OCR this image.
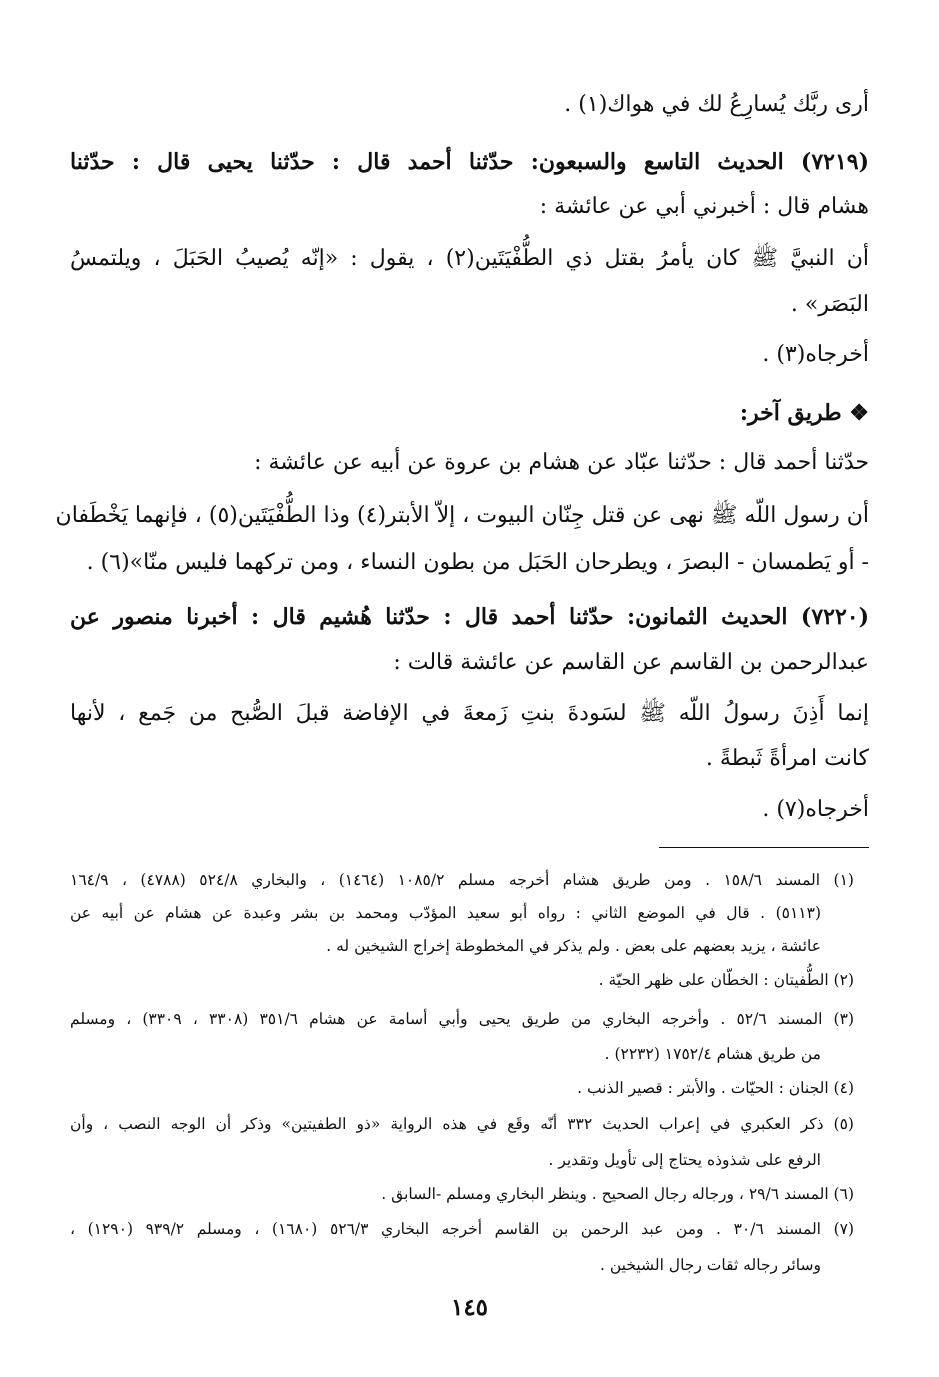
أرى ربَّك يُسارِعُ لك في هواك(١) .
(٧٢١٩) الحديث التاسع والسبعون: حدّثنا أحمد قال : حدّثنا يحيى قال : حدّثنا
هشام قال : أخبرني أبي عن عائشة :
أن النبيَّ ﷺ كان يأمرُ بقتل ذي الطُّفْيَتَين(٢) ، يقول : «إنّه يُصيبُ الحَبَلَ ، ويلتمسُ
البَصَر» .
أخرجاه(٣) .
❖ طريق آخر:
حدّثنا أحمد قال : حدّثنا عبّاد عن هشام بن عروة عن أبيه عن عائشة :
أن رسول اللّه ﷺ نهى عن قتل جِنّان البيوت ، إلاّ الأبتر(٤) وذا الطُّفْيَتَين(٥) ، فإنهما يَخْطَفان
- أو يَطمسان - البصرَ ، ويطرحان الحَبَل من بطون النساء ، ومن تركهما فليس منّا»(٦) .
(٧٢٢٠) الحديث الثمانون: حدّثنا أحمد قال : حدّثنا هُشيم قال : أخبرنا منصور عن
عبدالرحمن بن القاسم عن القاسم عن عائشة قالت :
إنما أَذِنَ رسولُ اللّه ﷺ لسَودةَ بنتِ زَمعةَ في الإفاضة قبلَ الصُّبح من جَمع ، لأنها
كانت امرأةً ثَبطةً .
أخرجاه(٧) .
(١) المسند ١٥٨/٦ . ومن طريق هشام أخرجه مسلم ١٠٨٥/٢ (١٤٦٤) ، والبخاري ٥٢٤/٨ (٤٧٨٨) ، ١٦٤/٩
(٥١١٣) . قال في الموضع الثاني : رواه أبو سعيد المؤدّب ومحمد بن بشر وعبدة عن هشام عن أبيه عن
عائشة ، يزيد بعضهم على بعض . ولم يذكر في المخطوطة إخراج الشيخين له .
(٢) الطُّفيتان : الخطّان على ظهر الحيّة .
(٣) المسند ٥٢/٦ . وأخرجه البخاري من طريق يحيى وأبي أسامة عن هشام ٣٥١/٦ (٣٣٠٨ ، ٣٣٠٩) ، ومسلم
من طريق هشام ١٧٥٢/٤ (٢٢٣٢) .
(٤) الجنان : الحيّات . والأبتر : قصير الذنب .
(٥) ذكر العكبري في إعراب الحديث ٣٣٢ أنّه وقَع في هذه الرواية «ذو الطفيتين» وذكر أن الوجه النصب ، وأن
الرفع على شذوذه يحتاج إلى تأويل وتقدير .
(٦) المسند ٢٩/٦ ، ورجاله رجال الصحيح . وينظر البخاري ومسلم -السابق .
(٧) المسند ٣٠/٦ . ومن عبد الرحمن بن القاسم أخرجه البخاري ٥٢٦/٣ (١٦٨٠) ، ومسلم ٩٣٩/٢ (١٢٩٠) ،
وسائر رجاله ثقات رجال الشيخين .
١٤٥
